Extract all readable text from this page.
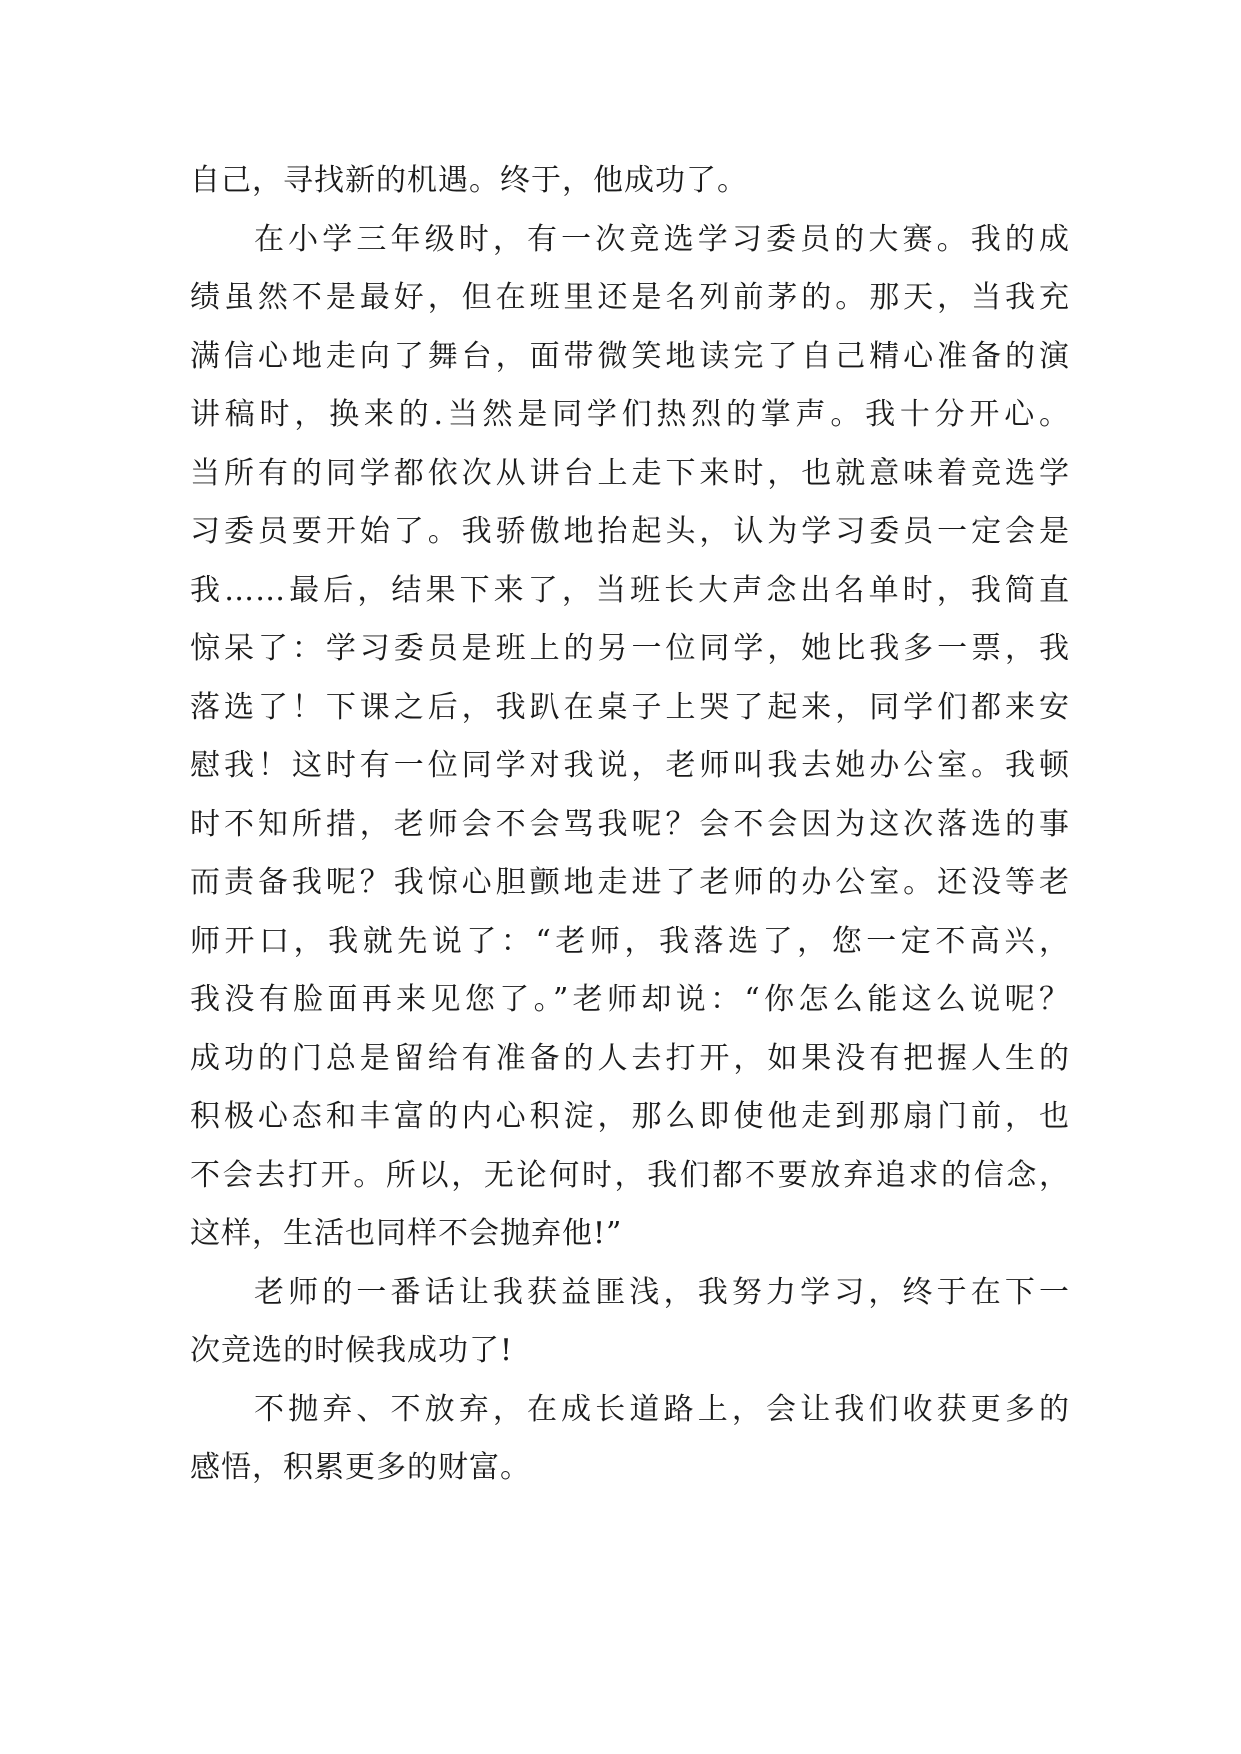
自己，寻找新的机遇。终于，他成功了。
在小学三年级时，有一次竞选学习委员的大赛。我的成
绩虽然不是最好，但在班里还是名列前茅的。那天，当我充
满信心地走向了舞台，面带微笑地读完了自己精心准备的演
讲稿时，换来的.当然是同学们热烈的掌声。我十分开心。
当所有的同学都依次从讲台上走下来时，也就意味着竞选学
习委员要开始了。我骄傲地抬起头，认为学习委员一定会是
我……最后，结果下来了，当班长大声念出名单时，我简直
惊呆了：学习委员是班上的另一位同学，她比我多一票，我
落选了！下课之后，我趴在桌子上哭了起来，同学们都来安
慰我！这时有一位同学对我说，老师叫我去她办公室。我顿
时不知所措，老师会不会骂我呢？会不会因为这次落选的事
而责备我呢？我惊心胆颤地走进了老师的办公室。还没等老
师开口，我就先说了：“老师，我落选了，您一定不高兴，
我没有脸面再来见您了。”老师却说：“你怎么能这么说呢？
成功的门总是留给有准备的人去打开，如果没有把握人生的
积极心态和丰富的内心积淀，那么即使他走到那扇门前，也
不会去打开。所以，无论何时，我们都不要放弃追求的信念，
这样，生活也同样不会抛弃他!”
老师的一番话让我获益匪浅，我努力学习，终于在下一
次竞选的时候我成功了!
不抛弃、不放弃，在成长道路上，会让我们收获更多的
感悟，积累更多的财富。
